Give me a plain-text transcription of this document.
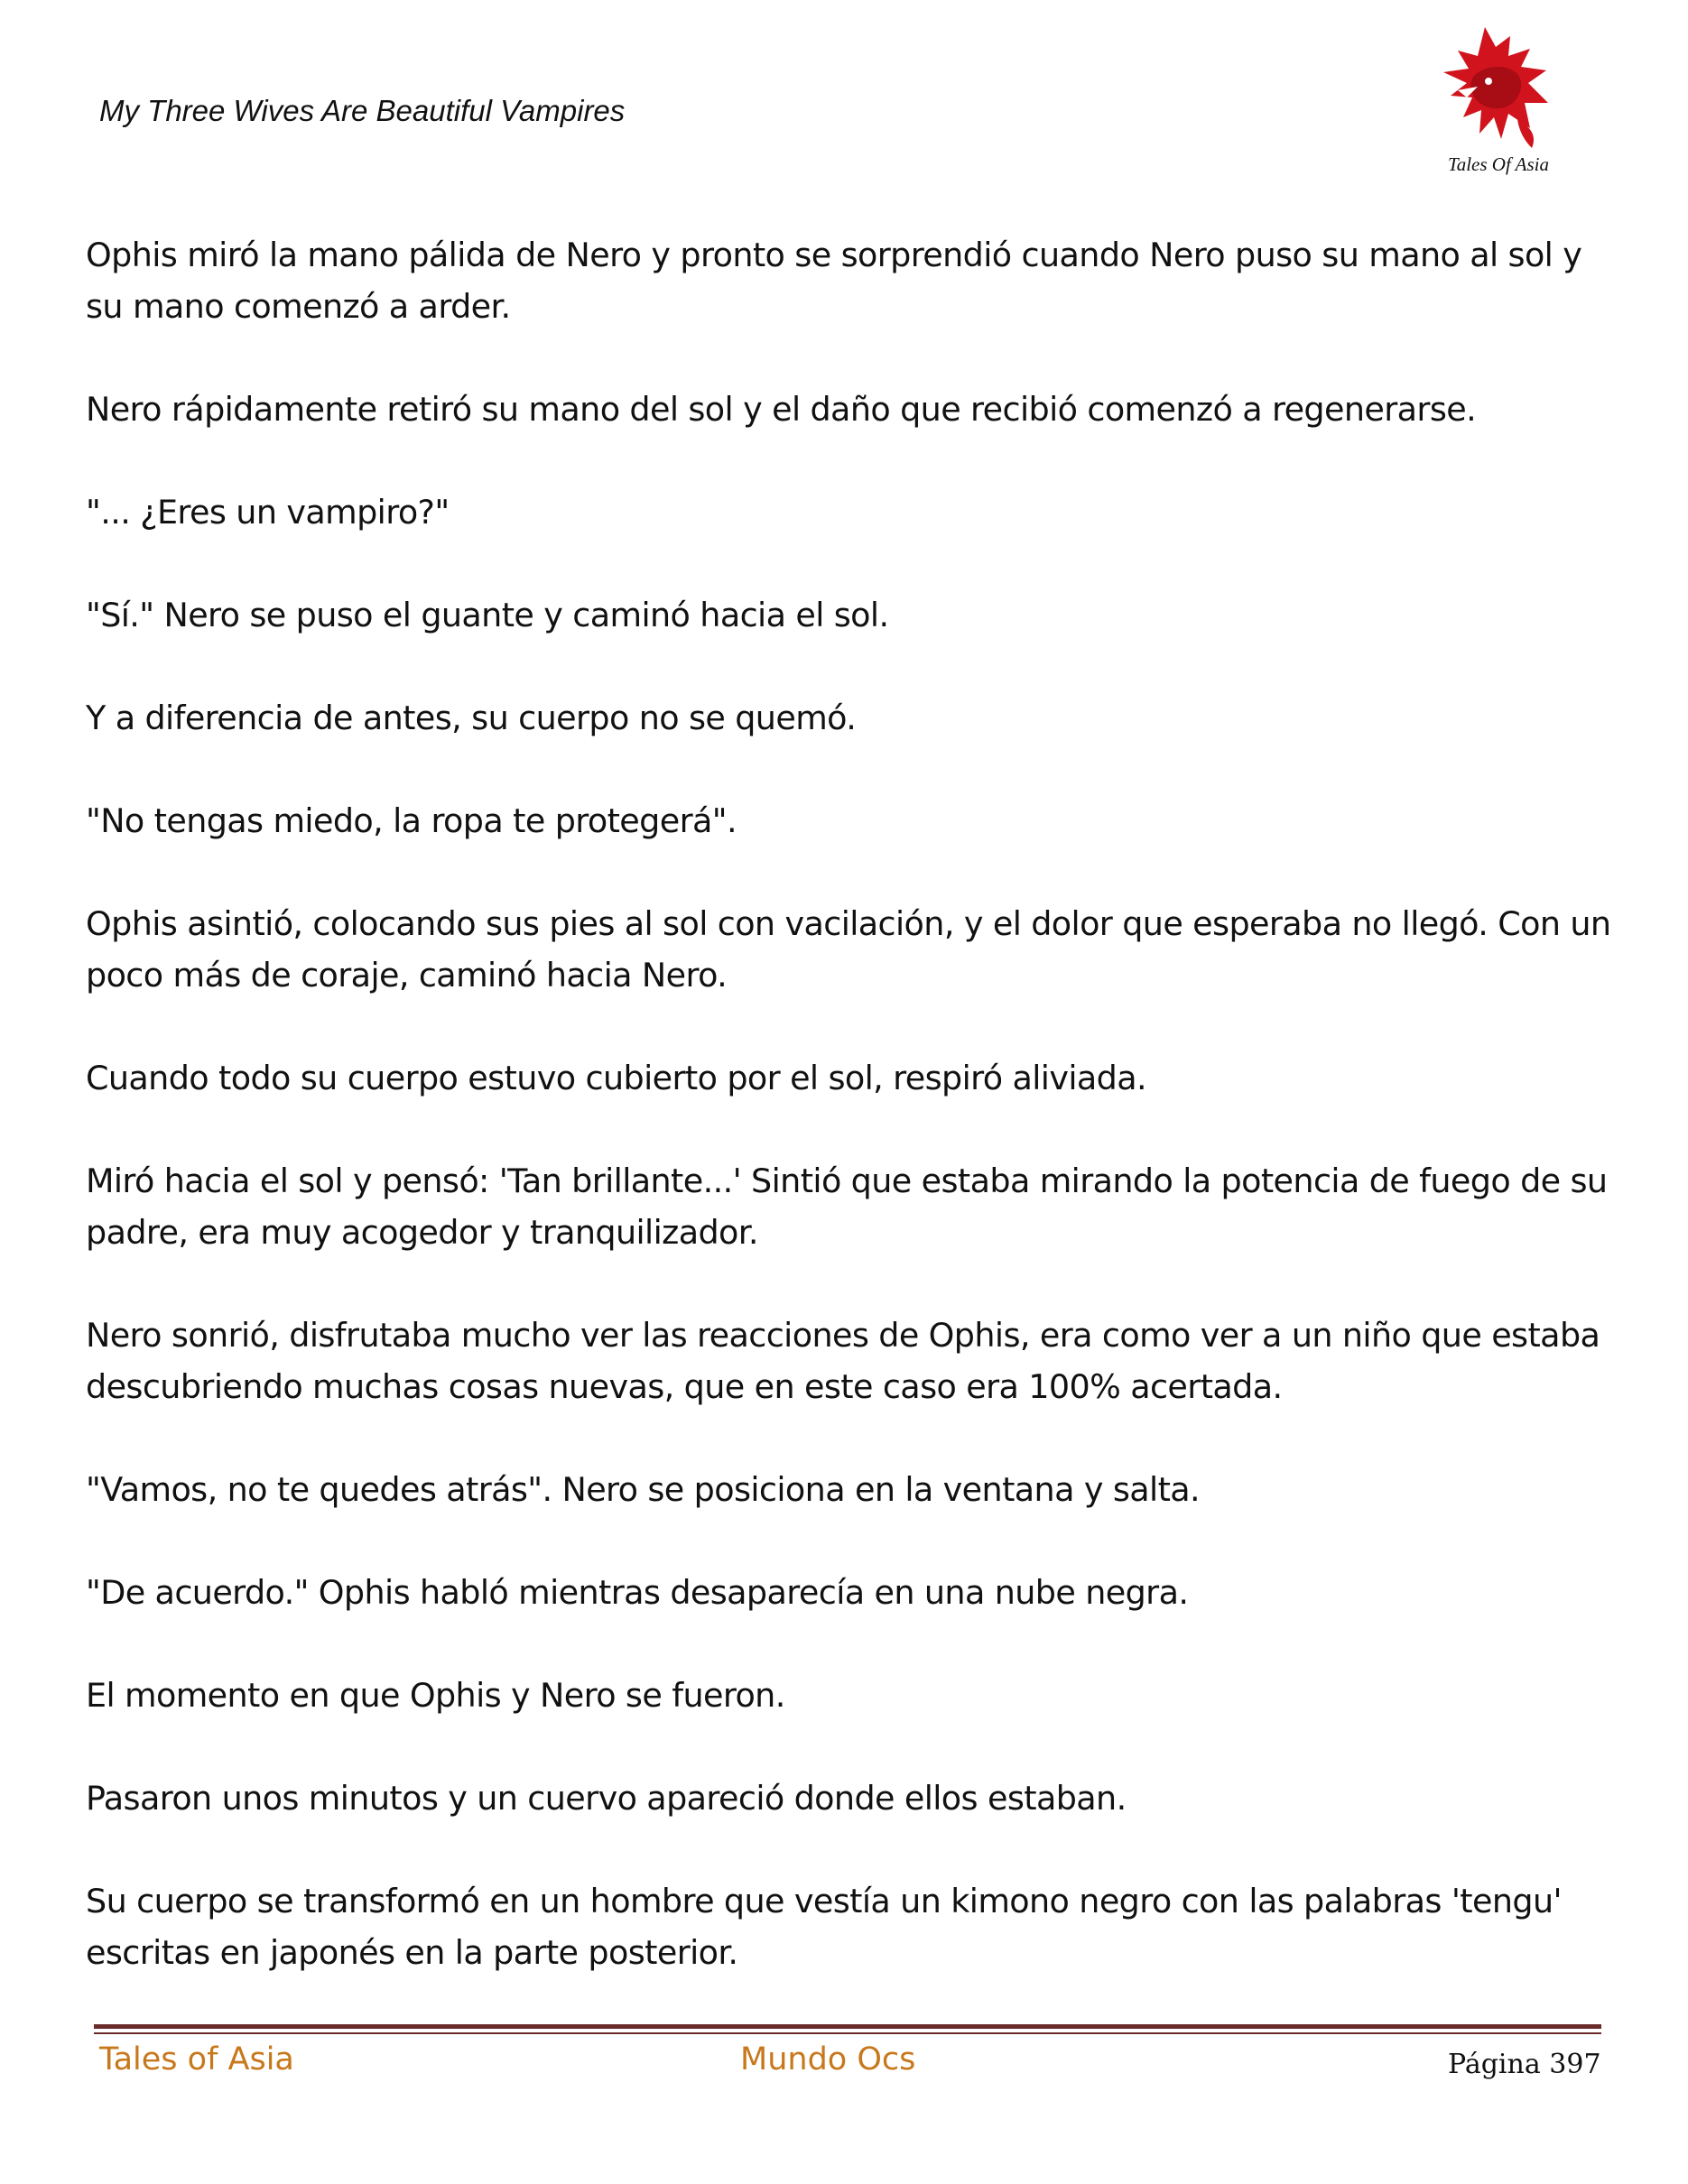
My Three Wives Are Beautiful Vampires
Tales Of Asia

Ophis miró la mano pálida de Nero y pronto se sorprendió cuando Nero puso su mano al sol y su mano comenzó a arder.

Nero rápidamente retiró su mano del sol y el daño que recibió comenzó a regenerarse.

"... ¿Eres un vampiro?"

"Sí." Nero se puso el guante y caminó hacia el sol.

Y a diferencia de antes, su cuerpo no se quemó.

"No tengas miedo, la ropa te protegerá".

Ophis asintió, colocando sus pies al sol con vacilación, y el dolor que esperaba no llegó. Con un poco más de coraje, caminó hacia Nero.

Cuando todo su cuerpo estuvo cubierto por el sol, respiró aliviada.

Miró hacia el sol y pensó: 'Tan brillante...' Sintió que estaba mirando la potencia de fuego de su padre, era muy acogedor y tranquilizador.

Nero sonrió, disfrutaba mucho ver las reacciones de Ophis, era como ver a un niño que estaba descubriendo muchas cosas nuevas, que en este caso era 100% acertada.

"Vamos, no te quedes atrás". Nero se posiciona en la ventana y salta.

"De acuerdo." Ophis habló mientras desaparecía en una nube negra.

El momento en que Ophis y Nero se fueron.

Pasaron unos minutos y un cuervo apareció donde ellos estaban.

Su cuerpo se transformó en un hombre que vestía un kimono negro con las palabras 'tengu' escritas en japonés en la parte posterior.

Tales of Asia	Mundo Ocs	Página 397
